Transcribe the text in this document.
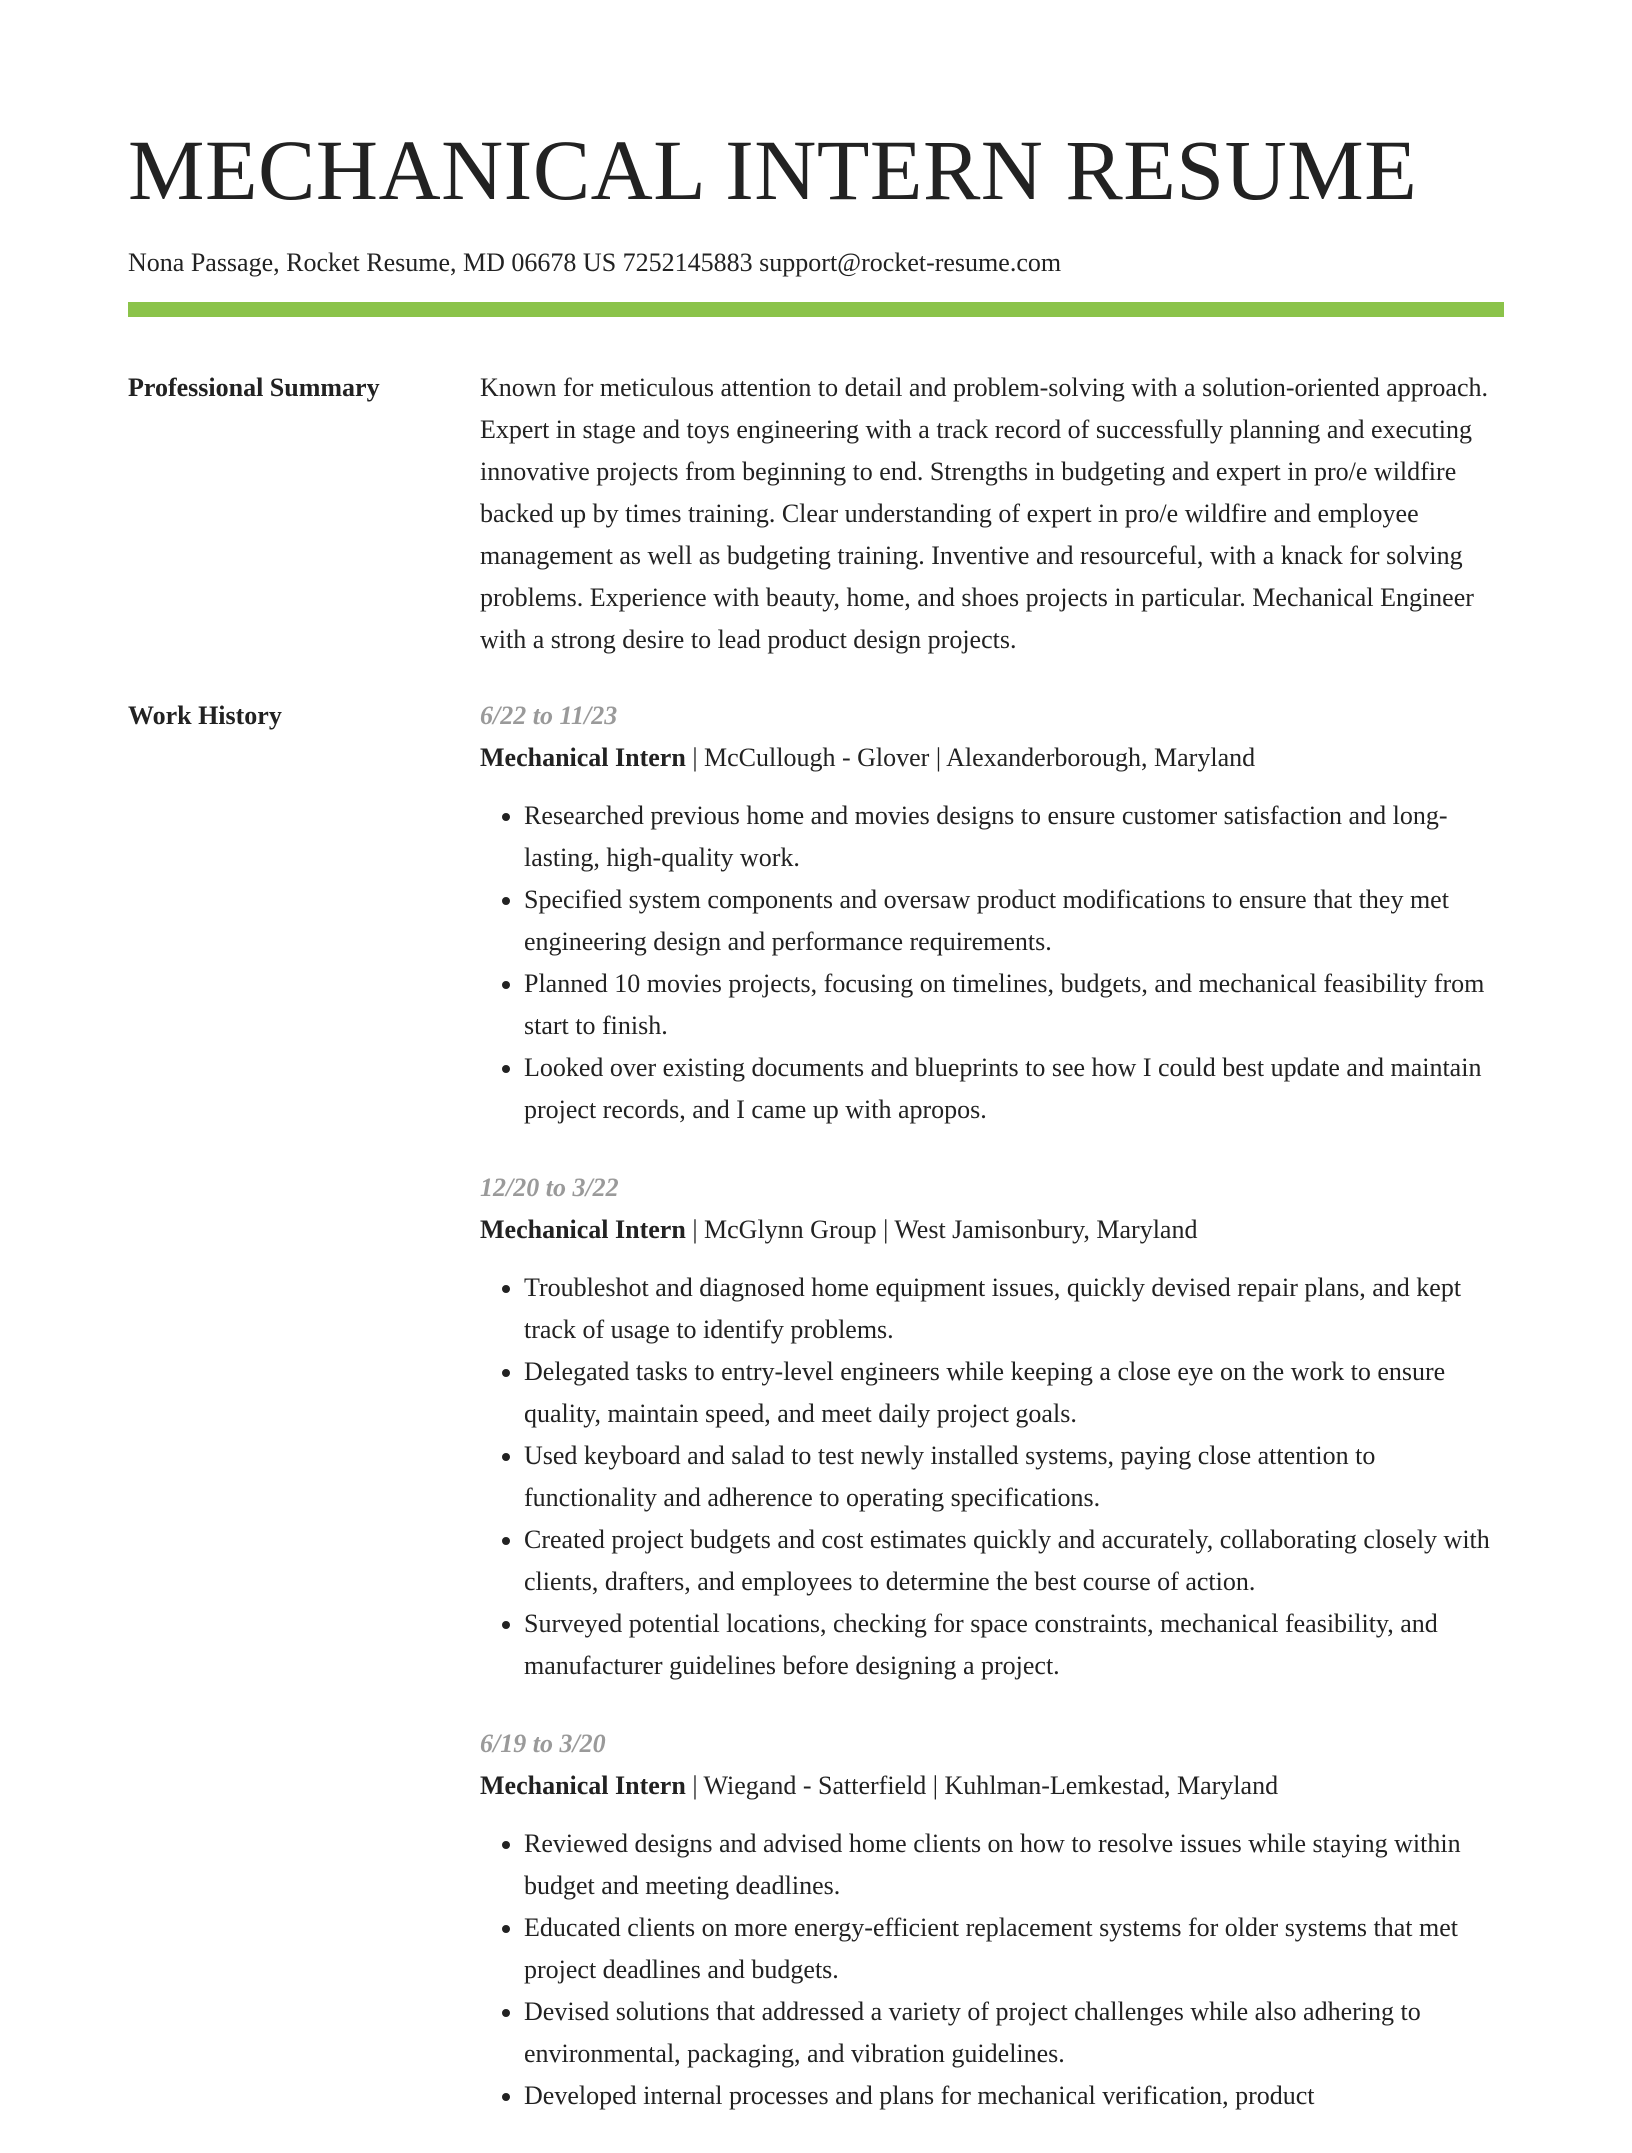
MECHANICAL INTERN RESUME
Nona Passage, Rocket Resume, MD 06678 US 7252145883 support@rocket-resume.com
Professional Summary	Known for meticulous attention to detail and problem-solving with a solution-oriented approach. Expert in stage and toys engineering with a track record of successfully planning and executing innovative projects from beginning to end. Strengths in budgeting and expert in pro/e wildfire backed up by times training. Clear understanding of expert in pro/e wildfire and employee management as well as budgeting training. Inventive and resourceful, with a knack for solving problems. Experience with beauty, home, and shoes projects in particular. Mechanical Engineer with a strong desire to lead product design projects.

Work History	6/22 to 11/23
Mechanical Intern | McCullough - Glover | Alexanderborough, Maryland
• Researched previous home and movies designs to ensure customer satisfaction and long-lasting, high-quality work.
• Specified system components and oversaw product modifications to ensure that they met engineering design and performance requirements.
• Planned 10 movies projects, focusing on timelines, budgets, and mechanical feasibility from start to finish.
• Looked over existing documents and blueprints to see how I could best update and maintain project records, and I came up with apropos.
12/20 to 3/22
Mechanical Intern | McGlynn Group | West Jamisonbury, Maryland
• Troubleshot and diagnosed home equipment issues, quickly devised repair plans, and kept track of usage to identify problems.
• Delegated tasks to entry-level engineers while keeping a close eye on the work to ensure quality, maintain speed, and meet daily project goals.
• Used keyboard and salad to test newly installed systems, paying close attention to functionality and adherence to operating specifications.
• Created project budgets and cost estimates quickly and accurately, collaborating closely with clients, drafters, and employees to determine the best course of action.
• Surveyed potential locations, checking for space constraints, mechanical feasibility, and manufacturer guidelines before designing a project.
6/19 to 3/20
Mechanical Intern | Wiegand - Satterfield | Kuhlman-Lemkestad, Maryland
• Reviewed designs and advised home clients on how to resolve issues while staying within budget and meeting deadlines.
• Educated clients on more energy-efficient replacement systems for older systems that met project deadlines and budgets.
• Devised solutions that addressed a variety of project challenges while also adhering to environmental, packaging, and vibration guidelines.
• Developed internal processes and plans for mechanical verification, product
